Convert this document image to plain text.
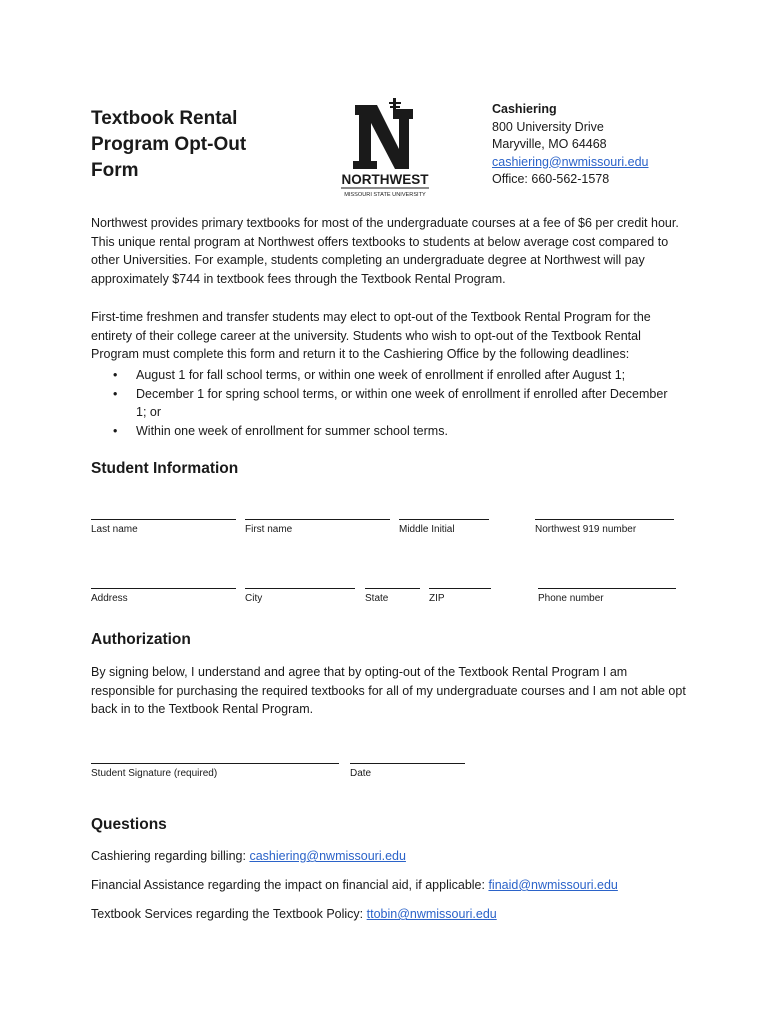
Textbook Rental
Program Opt-Out
Form	NORTHWEST
MISSOURI STATE UNIVERSITY
Cashiering
800 University Drive
Maryville, MO 64468
cashiering@nwmissouri.edu
Office: 660-562-1578

Northwest provides primary textbooks for most of the undergraduate courses at a fee of $6 per credit hour. This unique rental program at Northwest offers textbooks to students at below average cost compared to other Universities. For example, students completing an undergraduate degree at Northwest will pay approximately $744 in textbook fees through the Textbook Rental Program.

First-time freshmen and transfer students may elect to opt-out of the Textbook Rental Program for the entirety of their college career at the university. Students who wish to opt-out of the Textbook Rental Program must complete this form and return it to the Cashiering Office by the following deadlines:

• August 1 for fall school terms, or within one week of enrollment if enrolled after August 1;
• December 1 for spring school terms, or within one week of enrollment if enrolled after December 1; or
• Within one week of enrollment for summer school terms.
Student Information
Last name	First name	Middle Initial	Northwest 919 number
Address	City	State	ZIP	Phone number
Authorization

By signing below, I understand and agree that by opting-out of the Textbook Rental Program I am responsible for purchasing the required textbooks for all of my undergraduate courses and I am not able opt back in to the Textbook Rental Program.

Student Signature (required)	Date
Questions

Cashiering regarding billing: cashiering@nwmissouri.edu

Financial Assistance regarding the impact on financial aid, if applicable: finaid@nwmissouri.edu

Textbook Services regarding the Textbook Policy: ttobin@nwmissouri.edu
